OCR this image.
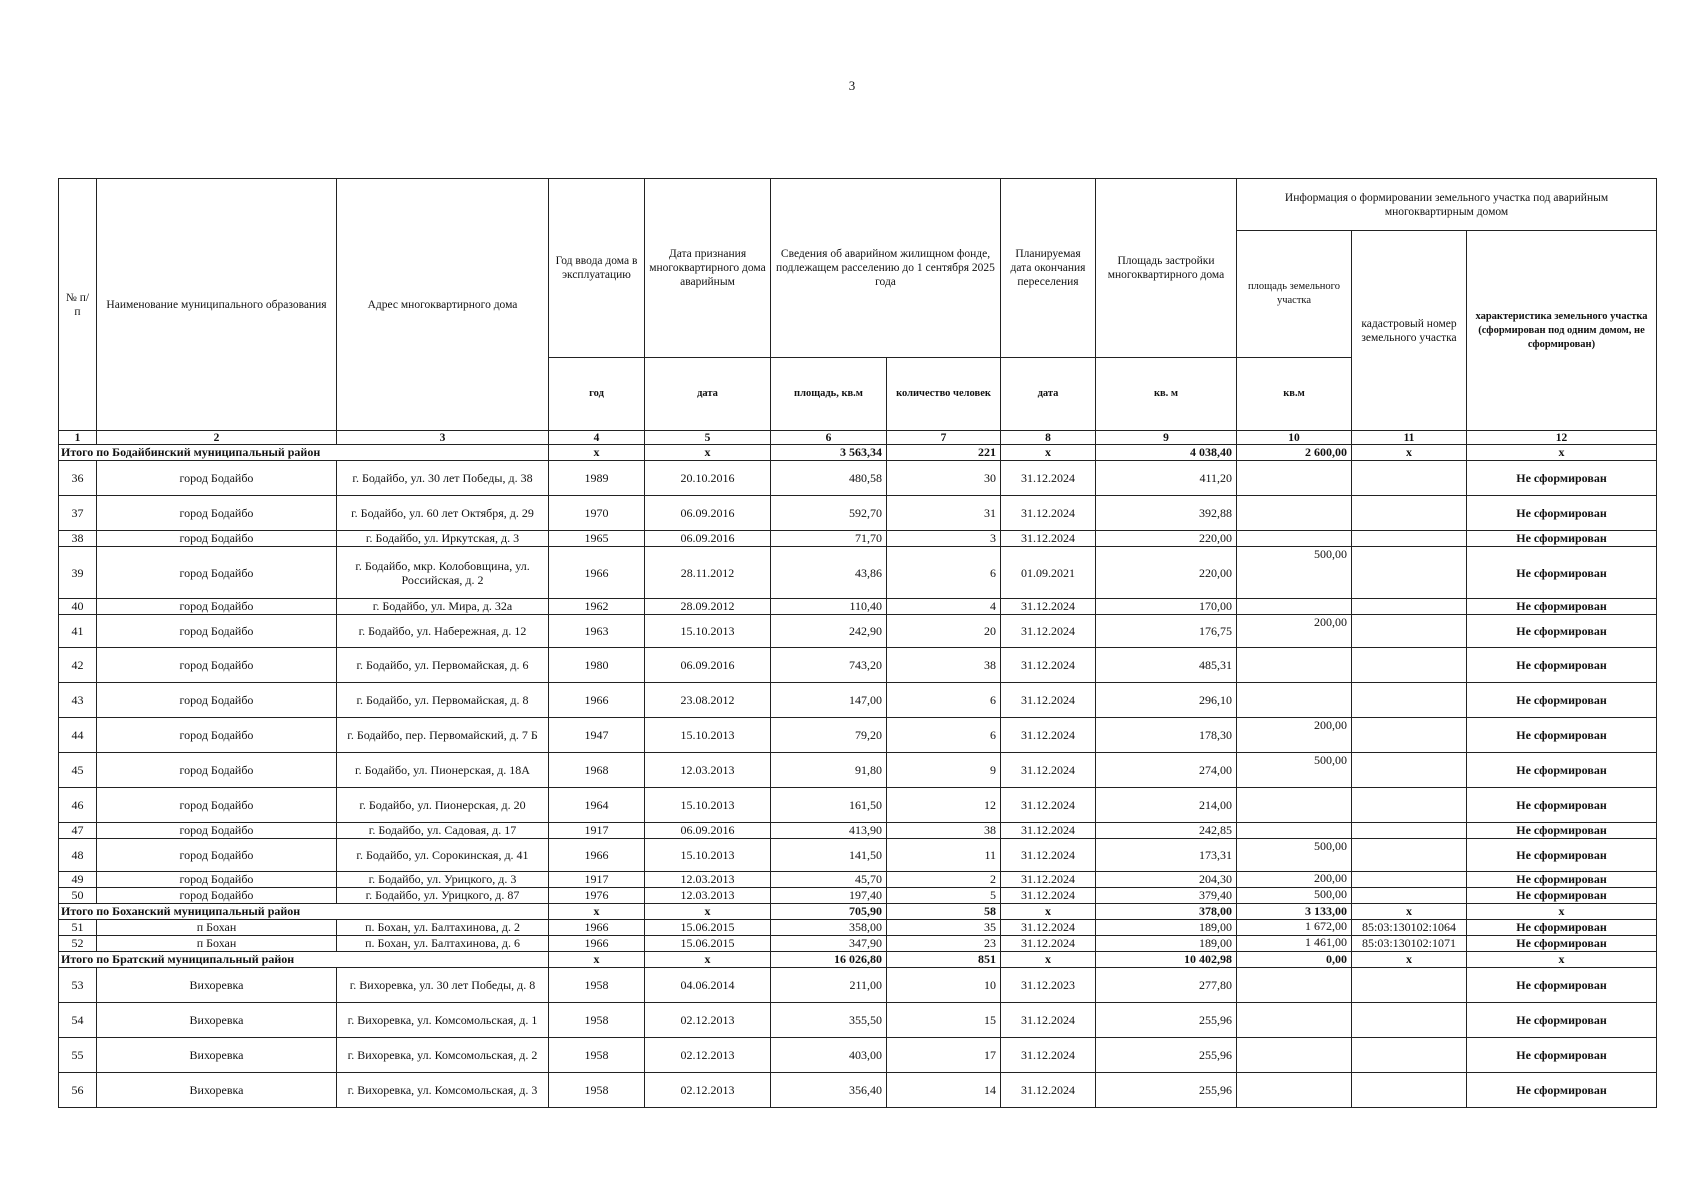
3
№ п/п	Наименование муниципального образования	Адрес многоквартирного дома	Год ввода дома в эксплуатацию	Дата признания многоквартирного дома аварийным	Сведения об аварийном жилищном фонде, подлежащем расселению до 1 сентября 2025 года		Планируемая дата окончания переселения	Площадь застройки многоквартирного дома	Информация о формировании земельного участка под аварийным многоквартирным домом		
									площадь земельного участка	кадастровый номер земельного участка	характеристика земельного участка (сформирован под одним домом, не сформирован)
			год	дата	площадь, кв.м	количество человек	дата	кв. м	кв.м		
1	2	3	4	5	6	7	8	9	10	11	12
Итого по Бодайбинский муниципальный район			x	x	3 563,34	221	x	4 038,40	2 600,00	x	x
36	город Бодайбо	г. Бодайбо, ул. 30 лет Победы, д. 38	1989	20.10.2016	480,58	30	31.12.2024	411,20			Не сформирован
37	город Бодайбо	г. Бодайбо, ул. 60 лет Октября, д. 29	1970	06.09.2016	592,70	31	31.12.2024	392,88			Не сформирован
38	город Бодайбо	г. Бодайбо, ул. Иркутская, д. 3	1965	06.09.2016	71,70	3	31.12.2024	220,00			Не сформирован
39	город Бодайбо	г. Бодайбо, мкр. Колобовщина, ул. Российская, д. 2	1966	28.11.2012	43,86	6	01.09.2021	220,00	500,00		Не сформирован
40	город Бодайбо	г. Бодайбо, ул. Мира, д. 32а	1962	28.09.2012	110,40	4	31.12.2024	170,00			Не сформирован
41	город Бодайбо	г. Бодайбо, ул. Набережная, д. 12	1963	15.10.2013	242,90	20	31.12.2024	176,75	200,00		Не сформирован
42	город Бодайбо	г. Бодайбо, ул. Первомайская, д. 6	1980	06.09.2016	743,20	38	31.12.2024	485,31			Не сформирован
43	город Бодайбо	г. Бодайбо, ул. Первомайская, д. 8	1966	23.08.2012	147,00	6	31.12.2024	296,10			Не сформирован
44	город Бодайбо	г. Бодайбо, пер. Первомайский, д. 7 Б	1947	15.10.2013	79,20	6	31.12.2024	178,30	200,00		Не сформирован
45	город Бодайбо	г. Бодайбо, ул. Пионерская, д. 18А	1968	12.03.2013	91,80	9	31.12.2024	274,00	500,00		Не сформирован
46	город Бодайбо	г. Бодайбо, ул. Пионерская, д. 20	1964	15.10.2013	161,50	12	31.12.2024	214,00			Не сформирован
47	город Бодайбо	г. Бодайбо, ул. Садовая, д. 17	1917	06.09.2016	413,90	38	31.12.2024	242,85			Не сформирован
48	город Бодайбо	г. Бодайбо, ул. Сорокинская, д. 41	1966	15.10.2013	141,50	11	31.12.2024	173,31	500,00		Не сформирован
49	город Бодайбо	г. Бодайбо, ул. Урицкого, д. 3	1917	12.03.2013	45,70	2	31.12.2024	204,30	200,00		Не сформирован
50	город Бодайбо	г. Бодайбо, ул. Урицкого, д. 87	1976	12.03.2013	197,40	5	31.12.2024	379,40	500,00		Не сформирован
Итого по Боханский муниципальный район			x	x	705,90	58	x	378,00	3 133,00	x	x
51	п Бохан	п. Бохан, ул. Балтахинова, д. 2	1966	15.06.2015	358,00	35	31.12.2024	189,00	1 672,00	85:03:130102:1064	Не сформирован
52	п Бохан	п. Бохан, ул. Балтахинова, д. 6	1966	15.06.2015	347,90	23	31.12.2024	189,00	1 461,00	85:03:130102:1071	Не сформирован
Итого по Братский муниципальный район			x	x	16 026,80	851	x	10 402,98	0,00	x	x
53	Вихоревка	г. Вихоревка, ул. 30 лет Победы, д. 8	1958	04.06.2014	211,00	10	31.12.2023	277,80			Не сформирован
54	Вихоревка	г. Вихоревка, ул. Комсомольская, д. 1	1958	02.12.2013	355,50	15	31.12.2024	255,96			Не сформирован
55	Вихоревка	г. Вихоревка, ул. Комсомольская, д. 2	1958	02.12.2013	403,00	17	31.12.2024	255,96			Не сформирован
56	Вихоревка	г. Вихоревка, ул. Комсомольская, д. 3	1958	02.12.2013	356,40	14	31.12.2024	255,96			Не сформирован
